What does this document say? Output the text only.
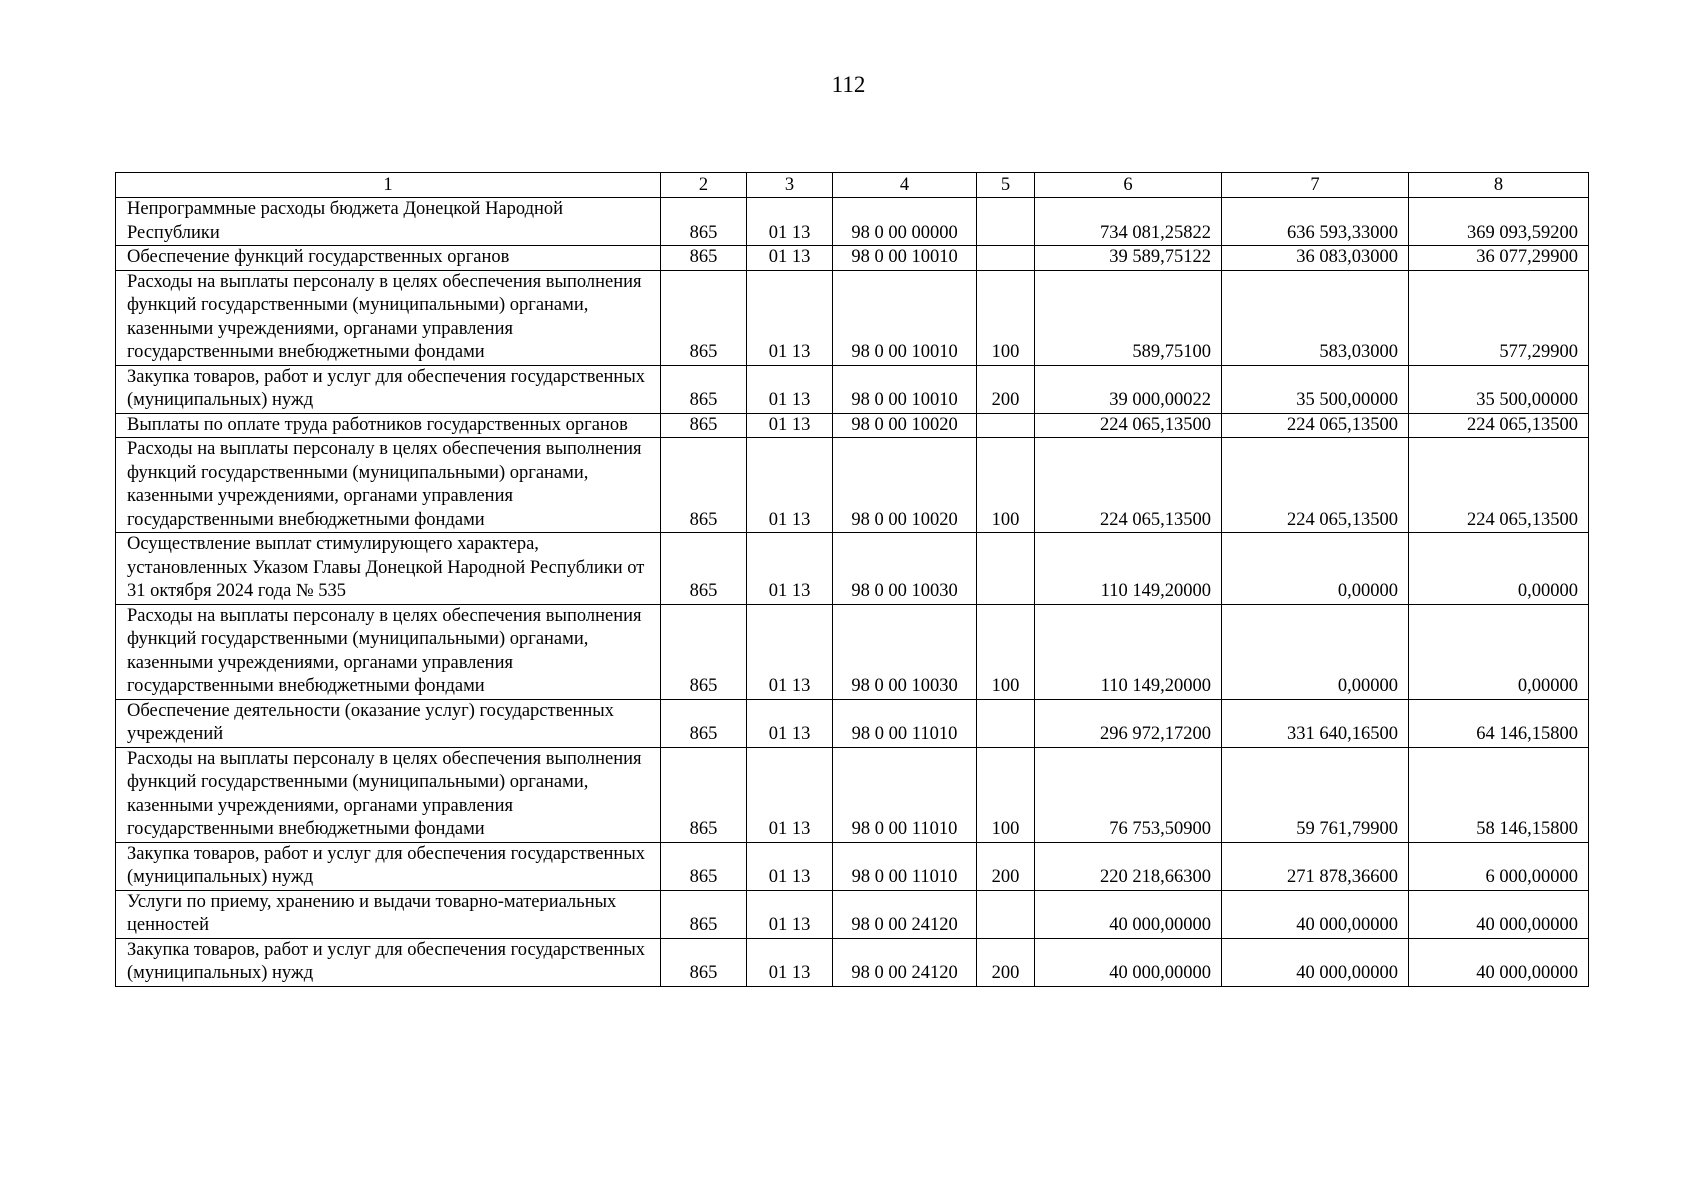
112
1	2	3	4	5	6	7	8
Непрограммные расходы бюджета Донецкой Народной Республики	865	01 13	98 0 00 00000		734 081,25822	636 593,33000	369 093,59200
Обеспечение функций государственных органов	865	01 13	98 0 00 10010		39 589,75122	36 083,03000	36 077,29900
Расходы на выплаты персоналу в целях обеспечения выполнения функций государственными (муниципальными) органами, казенными учреждениями, органами управления государственными внебюджетными фондами	865	01 13	98 0 00 10010	100	589,75100	583,03000	577,29900
Закупка товаров, работ и услуг для обеспечения государственных (муниципальных) нужд	865	01 13	98 0 00 10010	200	39 000,00022	35 500,00000	35 500,00000
Выплаты по оплате труда работников государственных органов	865	01 13	98 0 00 10020		224 065,13500	224 065,13500	224 065,13500
Расходы на выплаты персоналу в целях обеспечения выполнения функций государственными (муниципальными) органами, казенными учреждениями, органами управления государственными внебюджетными фондами	865	01 13	98 0 00 10020	100	224 065,13500	224 065,13500	224 065,13500
Осуществление выплат стимулирующего характера, установленных Указом Главы Донецкой Народной Республики от 31 октября 2024 года № 535	865	01 13	98 0 00 10030		110 149,20000	0,00000	0,00000
Расходы на выплаты персоналу в целях обеспечения выполнения функций государственными (муниципальными) органами, казенными учреждениями, органами управления государственными внебюджетными фондами	865	01 13	98 0 00 10030	100	110 149,20000	0,00000	0,00000
Обеспечение деятельности (оказание услуг) государственных учреждений	865	01 13	98 0 00 11010		296 972,17200	331 640,16500	64 146,15800
Расходы на выплаты персоналу в целях обеспечения выполнения функций государственными (муниципальными) органами, казенными учреждениями, органами управления государственными внебюджетными фондами	865	01 13	98 0 00 11010	100	76 753,50900	59 761,79900	58 146,15800
Закупка товаров, работ и услуг для обеспечения государственных (муниципальных) нужд	865	01 13	98 0 00 11010	200	220 218,66300	271 878,36600	6 000,00000
Услуги по приему, хранению и выдачи товарно-материальных ценностей	865	01 13	98 0 00 24120		40 000,00000	40 000,00000	40 000,00000
Закупка товаров, работ и услуг для обеспечения государственных (муниципальных) нужд	865	01 13	98 0 00 24120	200	40 000,00000	40 000,00000	40 000,00000
